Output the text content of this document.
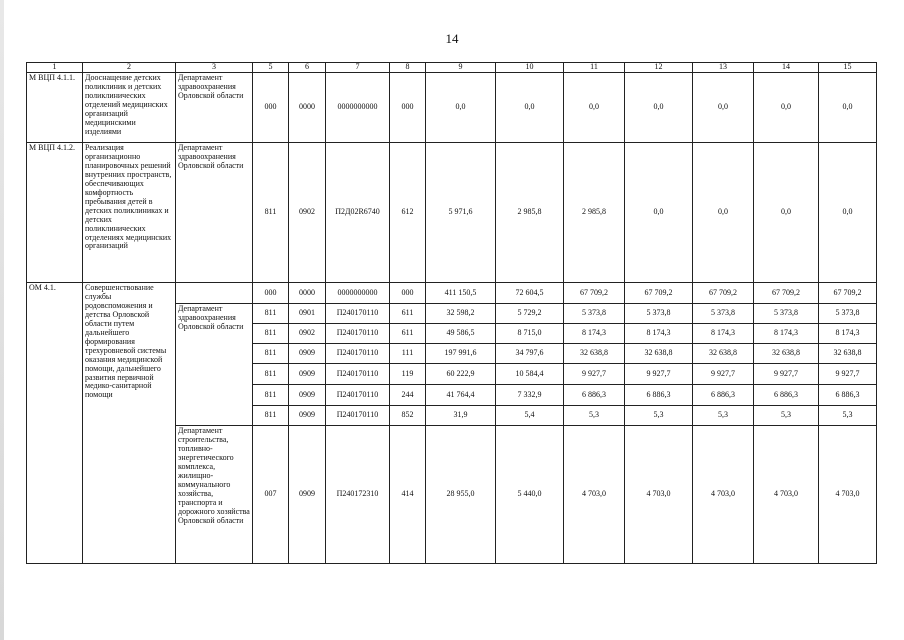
14
1	2	3	5	6	7	8	9	10	11	12	13	14	15
М ВЦП 4.1.1.	Дооснащение детских поликлиник и детских поликлинических отделений медицинских организаций медицинскими изделиями	Департамент здравоохранения Орловской области	000	0000	0000000000	000	0,0	0,0	0,0	0,0	0,0	0,0	0,0
М ВЦП 4.1.2.	Реализация организационно планировочных решений внутренних пространств, обеспечивающих комфортность пребывания детей в детских поликлиниках и детских поликлинических отделениях медицинских организаций	Департамент здравоохранения Орловской области	811	0902	П2Д02R6740	612	5 971,6	2 985,8	2 985,8	0,0	0,0	0,0	0,0
ОМ 4.1.	Совершенствование службы родовспоможения и детства Орловской области путем дальнейшего формирования трехуровневой системы оказания медицинской помощи, дальнейшего развития первичной медико-санитарной помощи		000	0000	0000000000	000	411 150,5	72 604,5	67 709,2	67 709,2	67 709,2	67 709,2	67 709,2
		Департамент здравоохранения Орловской области	811	0901	П240170110	611	32 598,2	5 729,2	5 373,8	5 373,8	5 373,8	5 373,8	5 373,8
			811	0902	П240170110	611	49 586,5	8 715,0	8 174,3	8 174,3	8 174,3	8 174,3	8 174,3
			811	0909	П240170110	111	197 991,6	34 797,6	32 638,8	32 638,8	32 638,8	32 638,8	32 638,8
			811	0909	П240170110	119	60 222,9	10 584,4	9 927,7	9 927,7	9 927,7	9 927,7	9 927,7
			811	0909	П240170110	244	41 764,4	7 332,9	6 886,3	6 886,3	6 886,3	6 886,3	6 886,3
			811	0909	П240170110	852	31,9	5,4	5,3	5,3	5,3	5,3	5,3
		Департамент строительства, топливно-энергетического комплекса, жилищно-коммунального хозяйства, транспорта и дорожного хозяйства Орловской области	007	0909	П240172310	414	28 955,0	5 440,0	4 703,0	4 703,0	4 703,0	4 703,0	4 703,0
